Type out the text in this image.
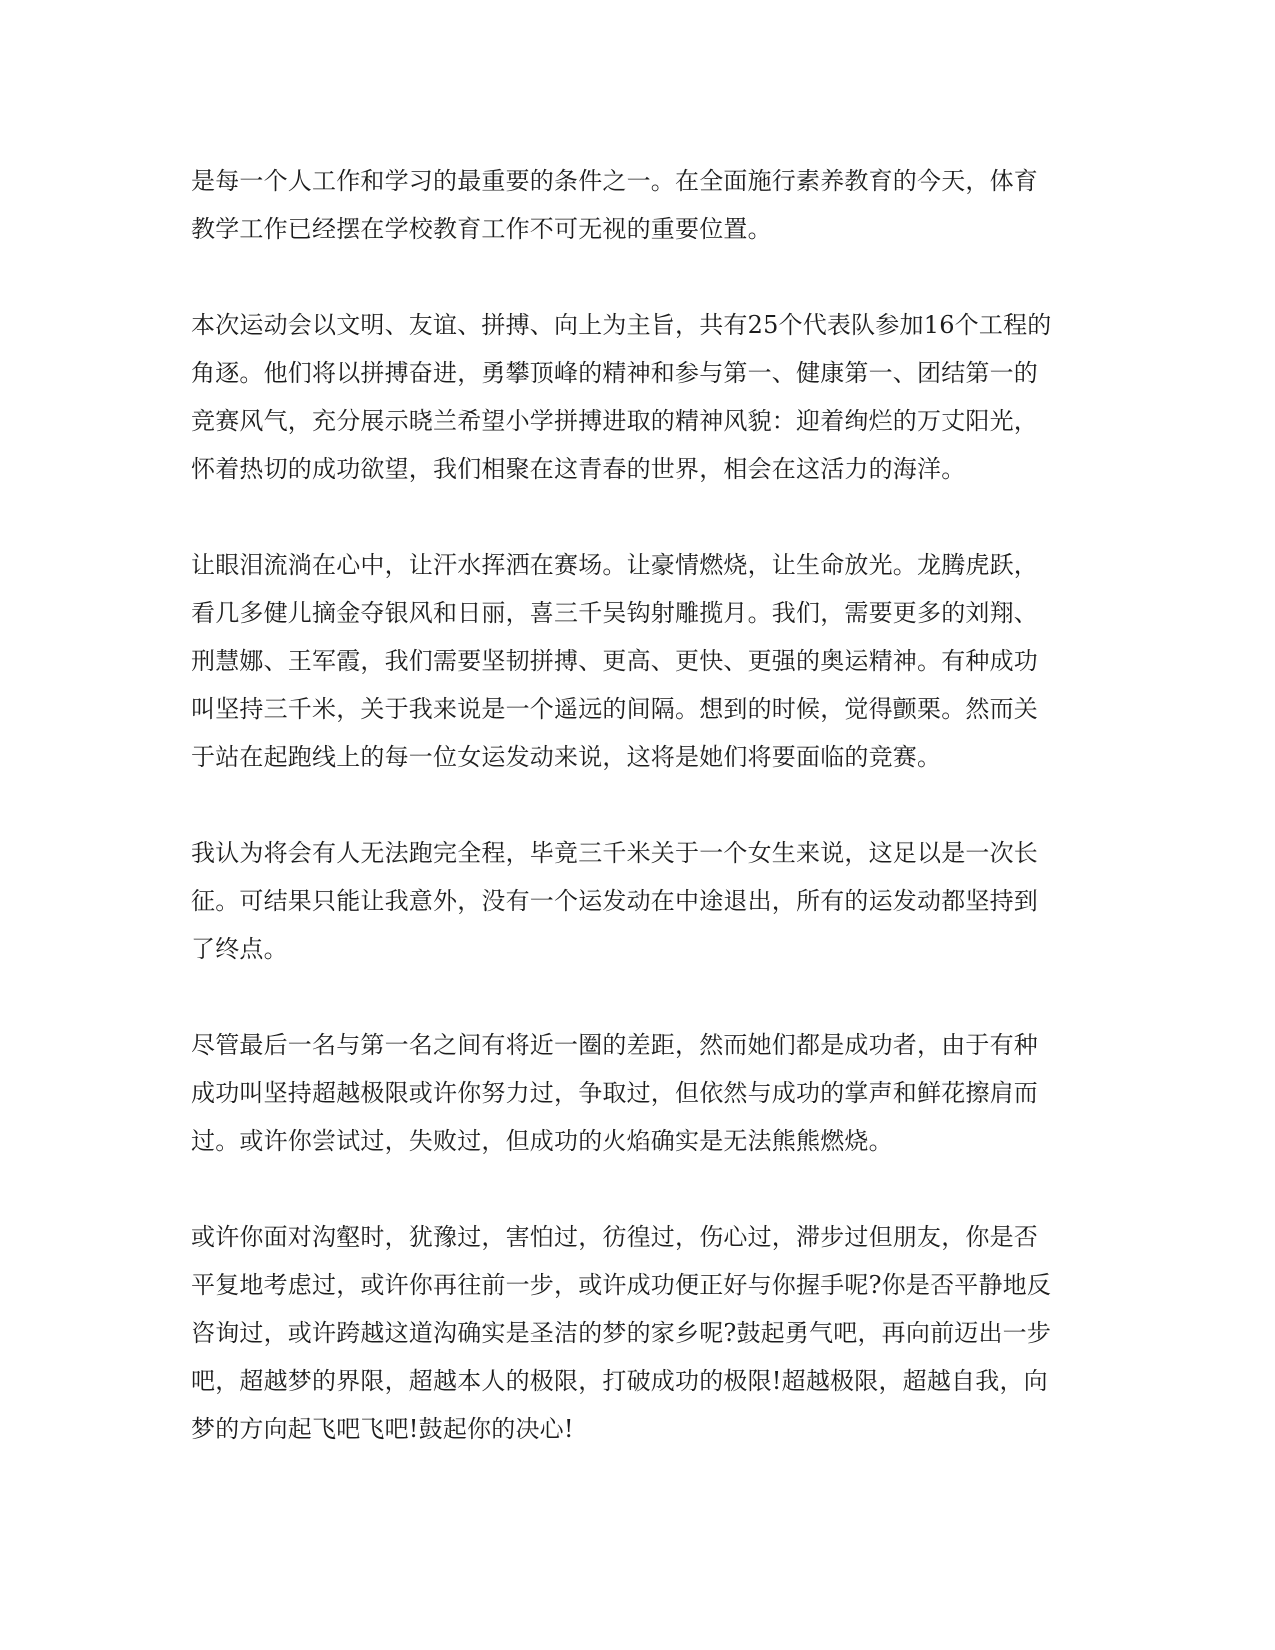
是每一个人工作和学习的最重要的条件之一。在全面施行素养教育的今天，体育
教学工作已经摆在学校教育工作不可无视的重要位置。
本次运动会以文明、友谊、拼搏、向上为主旨，共有25个代表队参加16个工程的
角逐。他们将以拼搏奋进，勇攀顶峰的精神和参与第一、健康第一、团结第一的
竞赛风气，充分展示晓兰希望小学拼搏进取的精神风貌：迎着绚烂的万丈阳光，
怀着热切的成功欲望，我们相聚在这青春的世界，相会在这活力的海洋。
让眼泪流淌在心中，让汗水挥洒在赛场。让豪情燃烧，让生命放光。龙腾虎跃，
看几多健儿摘金夺银风和日丽，喜三千吴钩射雕揽月。我们，需要更多的刘翔、
刑慧娜、王军霞，我们需要坚韧拼搏、更高、更快、更强的奥运精神。有种成功
叫坚持三千米，关于我来说是一个遥远的间隔。想到的时候，觉得颤栗。然而关
于站在起跑线上的每一位女运发动来说，这将是她们将要面临的竞赛。
我认为将会有人无法跑完全程，毕竟三千米关于一个女生来说，这足以是一次长
征。可结果只能让我意外，没有一个运发动在中途退出，所有的运发动都坚持到
了终点。
尽管最后一名与第一名之间有将近一圈的差距，然而她们都是成功者，由于有种
成功叫坚持超越极限或许你努力过，争取过，但依然与成功的掌声和鲜花擦肩而
过。或许你尝试过，失败过，但成功的火焰确实是无法熊熊燃烧。
或许你面对沟壑时，犹豫过，害怕过，彷徨过，伤心过，滞步过但朋友，你是否
平复地考虑过，或许你再往前一步，或许成功便正好与你握手呢?你是否平静地反
咨询过，或许跨越这道沟确实是圣洁的梦的家乡呢?鼓起勇气吧，再向前迈出一步
吧，超越梦的界限，超越本人的极限，打破成功的极限!超越极限，超越自我，向
梦的方向起飞吧飞吧!鼓起你的决心!
